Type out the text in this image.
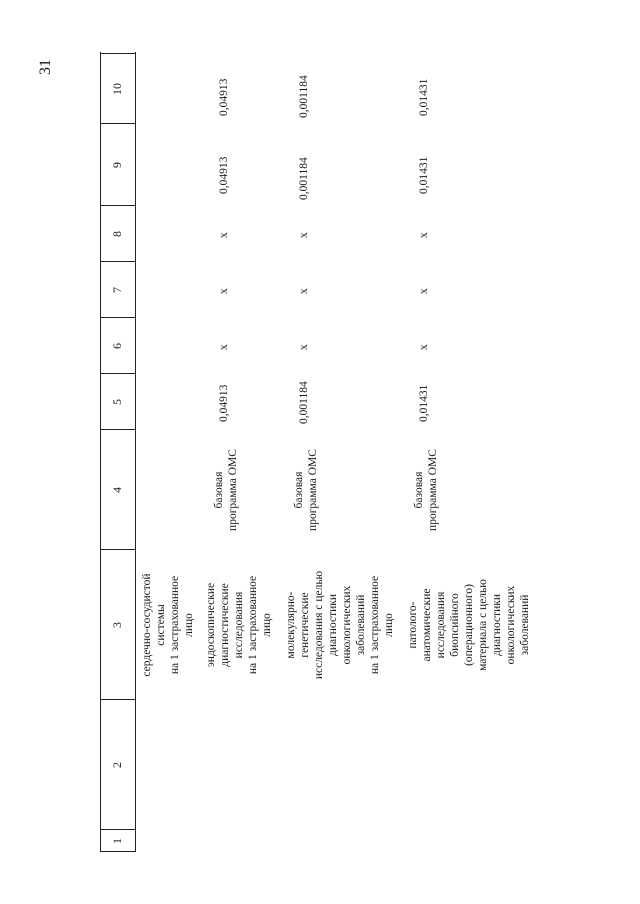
31
1
2
3
4
5
6
7
8
9
10
сердечно-сосудистой системы на 1 застрахованное лицо эндоскопические диагностические исследования на 1 застрахованное лицо
базовая программа ОМС
0,04913
x
x
x
0,04913
0,04913
молекулярно- генетические исследования с целью диагностики онкологических заболеваний на 1 застрахованное лицо
базовая программа ОМС
0,001184
x
x
x
0,001184
0,001184
патолого- анатомические исследования биопсийного (операционного) материала с целью диагностики онкологических заболеваний
базовая программа ОМС
0,01431
x
x
x
0,01431
0,01431
